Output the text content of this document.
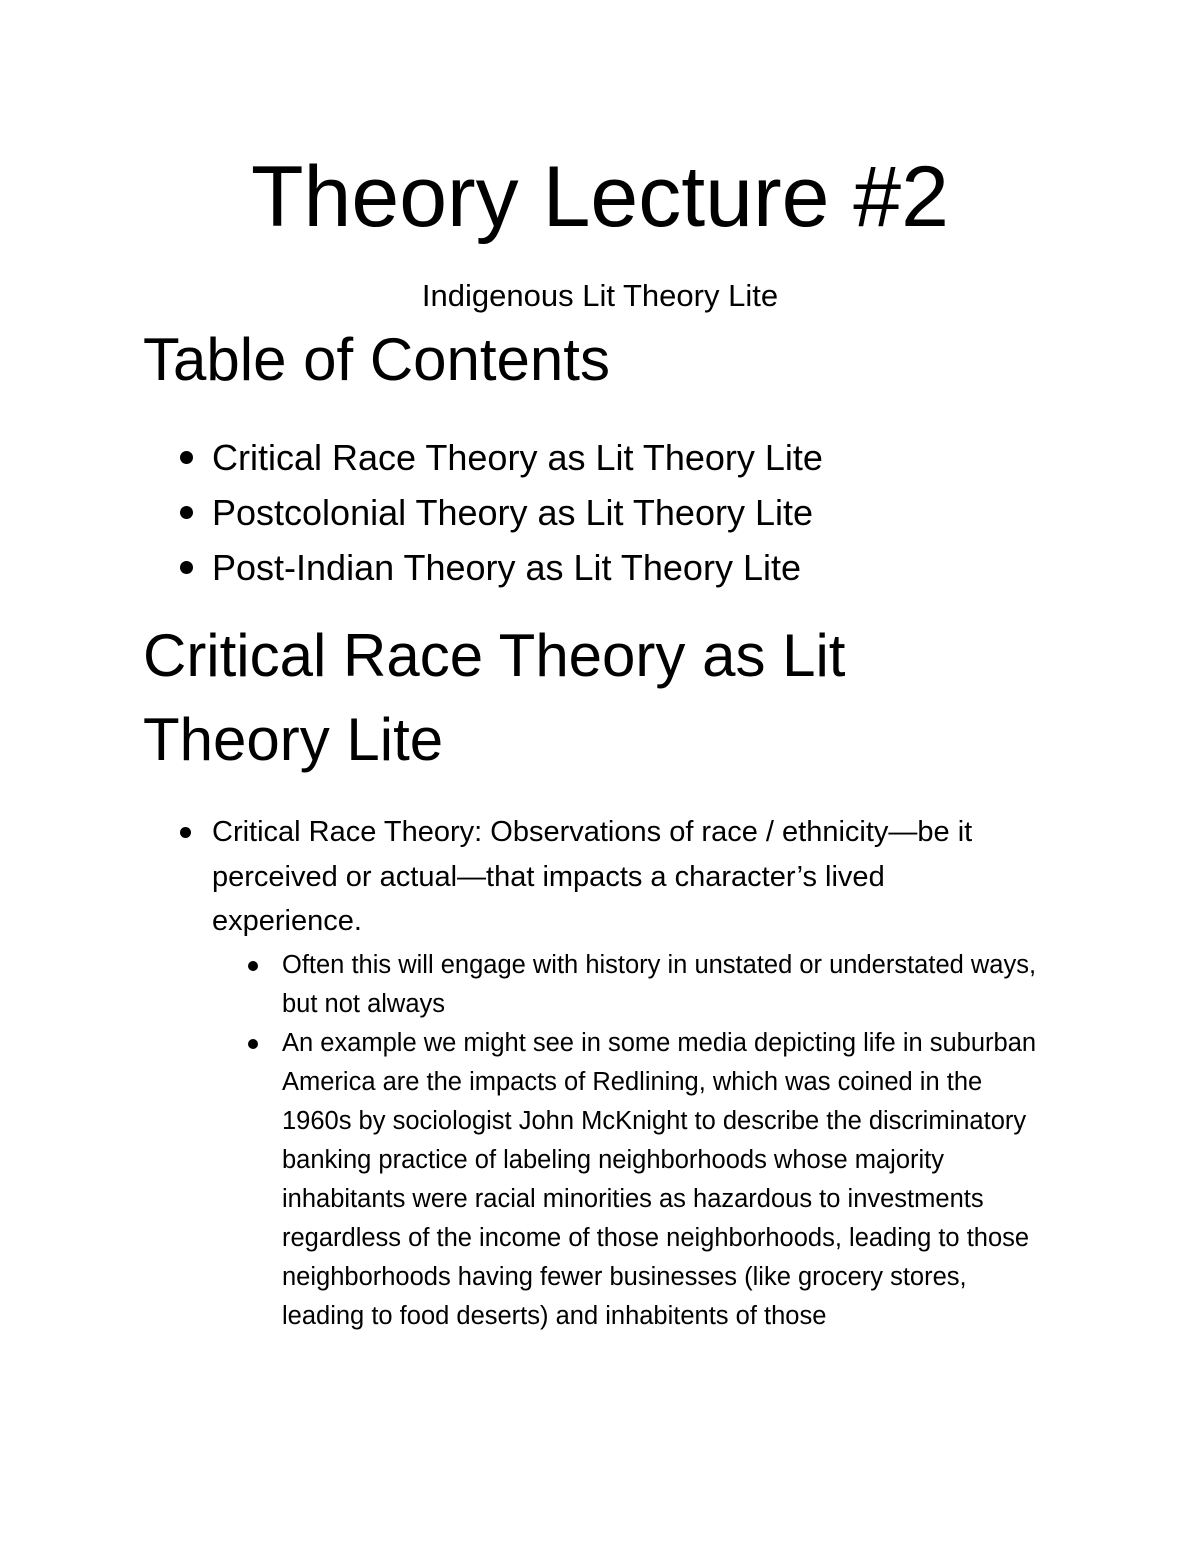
Theory Lecture #2
Indigenous Lit Theory Lite
Table of Contents
Critical Race Theory as Lit Theory Lite
Postcolonial Theory as Lit Theory Lite
Post-Indian Theory as Lit Theory Lite
Critical Race Theory as Lit Theory Lite
Critical Race Theory: Observations of race / ethnicity—be it perceived or actual—that impacts a character’s lived experience.
Often this will engage with history in unstated or understated ways, but not always
An example we might see in some media depicting life in suburban America are the impacts of Redlining, which was coined in the 1960s by sociologist John McKnight to describe the discriminatory banking practice of labeling neighborhoods whose majority inhabitants were racial minorities as hazardous to investments regardless of the income of those neighborhoods, leading to those neighborhoods having fewer businesses (like grocery stores, leading to food deserts) and inhabitents of those
